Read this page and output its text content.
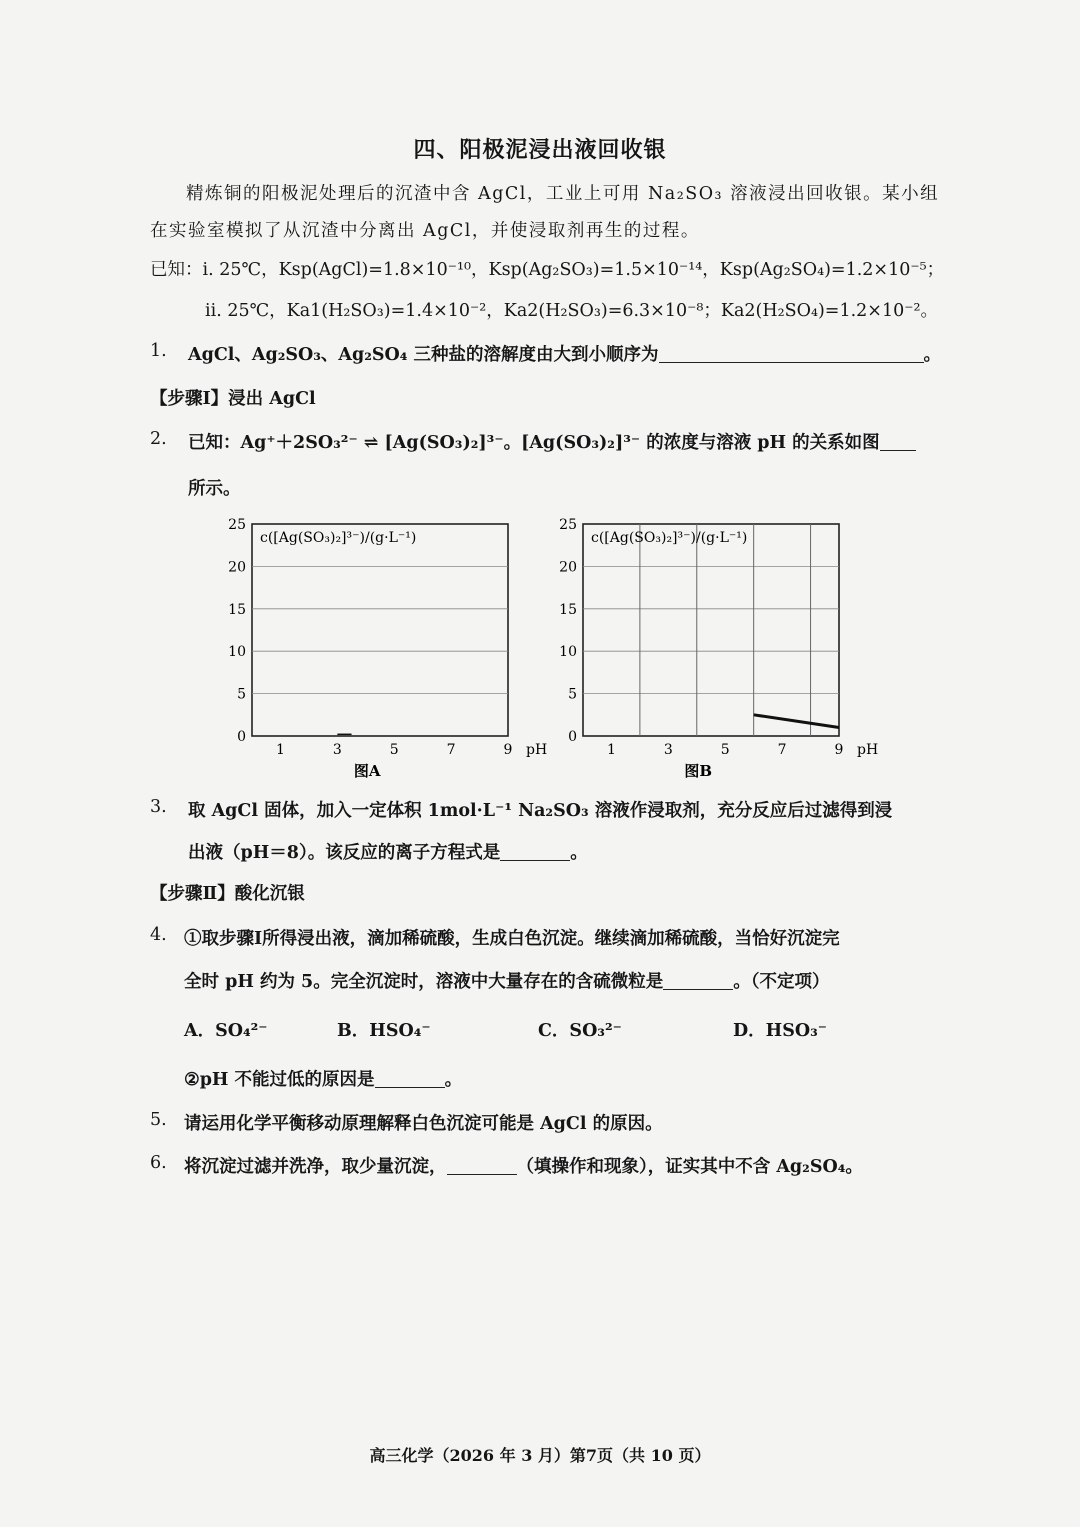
四、阳极泥浸出液回收银
精炼铜的阳极泥处理后的沉渣中含 AgCl，工业上可用 Na₂SO₃ 溶液浸出回收银。某小组
在实验室模拟了从沉渣中分离出 AgCl，并使浸取剂再生的过程。
已知：i. 25℃，Ksp(AgCl)=1.8×10⁻¹⁰，Ksp(Ag₂SO₃)=1.5×10⁻¹⁴，Ksp(Ag₂SO₄)=1.2×10⁻⁵；
ii. 25℃，Ka1(H₂SO₃)=1.4×10⁻²，Ka2(H₂SO₃)=6.3×10⁻⁸；Ka2(H₂SO₄)=1.2×10⁻²。
1. AgCl、Ag₂SO₃、Ag₂SO₄ 三种盐的溶解度由大到小顺序为	。
【步骤Ⅰ】浸出 AgCl
2. 已知：Ag⁺＋2SO₃²⁻ ⇌ [Ag(SO₃)₂]³⁻。[Ag(SO₃)₂]³⁻ 的浓度与溶液 pH 的关系如图
所示。
0
5
10
15
20
25
1	3	5	7	9 pH
c([Ag(SO₃)₂]³⁻)/(g·L⁻¹)
图A
0
5
10
15
20
25
1	3	5	7	9 pH
c([Ag(SO₃)₂]³⁻)/(g·L⁻¹)
图B
3. 取 AgCl 固体，加入一定体积 1mol·L⁻¹ Na₂SO₃ 溶液作浸取剂，充分反应后过滤得到浸
出液（pH＝8）。该反应的离子方程式是	。
【步骤Ⅱ】酸化沉银
4. ①取步骤Ⅰ所得浸出液，滴加稀硫酸，生成白色沉淀。继续滴加稀硫酸，当恰好沉淀完
全时 pH 约为 5。完全沉淀时，溶液中大量存在的含硫微粒是	。（不定项）
A．SO₄²⁻	B．HSO₄⁻	C．SO₃²⁻	D．HSO₃⁻
②pH 不能过低的原因是	。
5. 请运用化学平衡移动原理解释白色沉淀可能是 AgCl 的原因。
6. 将沉淀过滤并洗净，取少量沉淀，	（填操作和现象），证实其中不含 Ag₂SO₄。
高三化学（2026 年 3 月）第7页（共 10 页）
